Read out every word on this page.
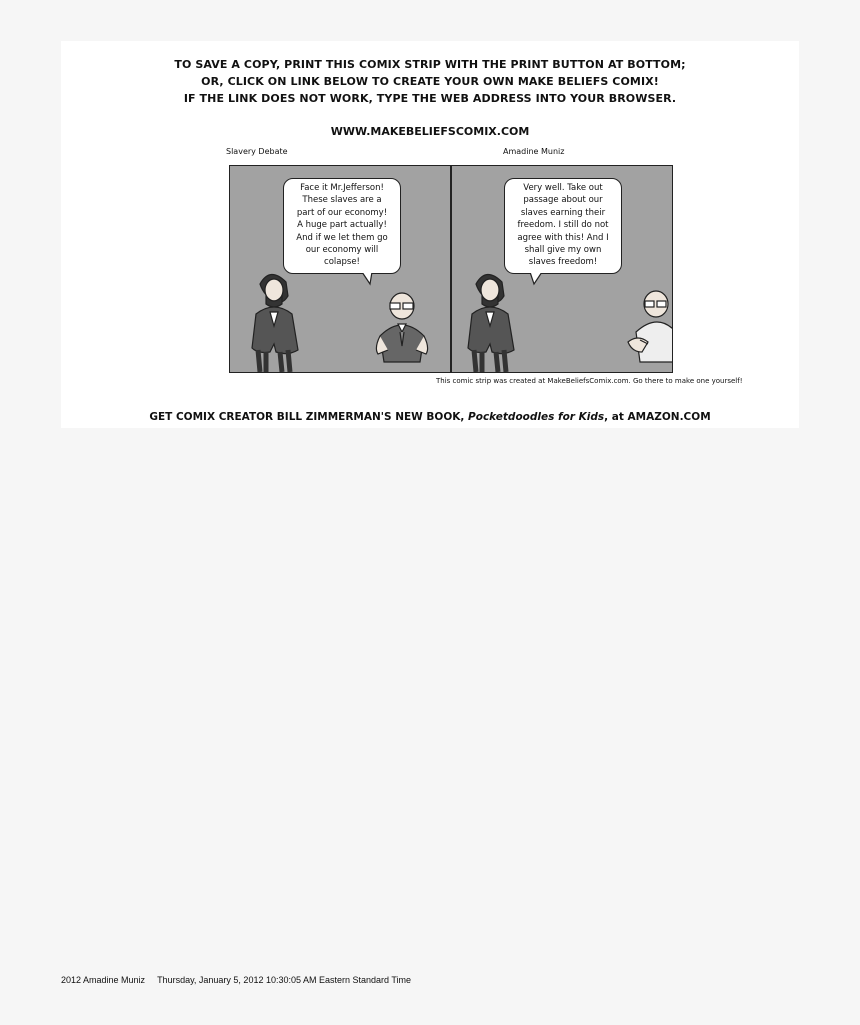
TO SAVE A COPY, PRINT THIS COMIX STRIP WITH THE PRINT BUTTON AT BOTTOM;
OR, CLICK ON LINK BELOW TO CREATE YOUR OWN MAKE BELIEFS COMIX!
IF THE LINK DOES NOT WORK, TYPE THE WEB ADDRESS INTO YOUR BROWSER.
WWW.MAKEBELIEFSCOMIX.COM
Slavery Debate	Amadine Muniz
Face it Mr.Jefferson!
These slaves are a
part of our economy!
A huge part actually!
And if we let them go
our economy will
colapse!
Very well. Take out
passage about our
slaves earning their
freedom. I still do not
agree with this! And I
shall give my own
slaves freedom!
This comic strip was created at MakeBeliefsComix.com. Go there to make one yourself!
GET COMIX CREATOR BILL ZIMMERMAN'S NEW BOOK, Pocketdoodles for Kids, at AMAZON.COM
2012 Amadine Muniz Thursday, January 5, 2012 10:30:05 AM Eastern Standard Time
